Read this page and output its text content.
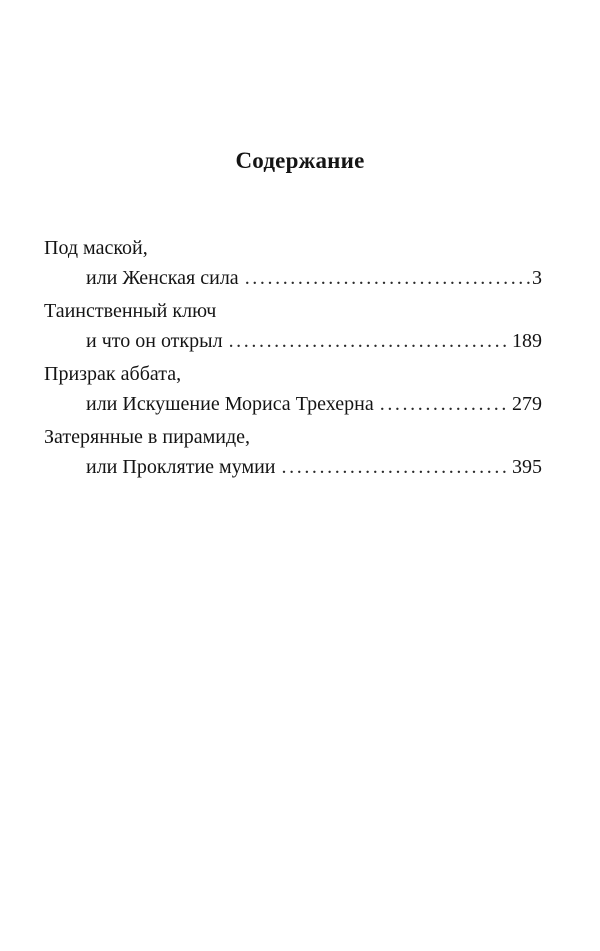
Содержание
Под маской,
или Женская сила . . .	3
Таинственный ключ
и что он открыл . . .	189
Призрак аббата,
или Искушение Мориса Трехерна . . .	279
Затерянные в пирамиде,
или Проклятие мумии . . .	395
